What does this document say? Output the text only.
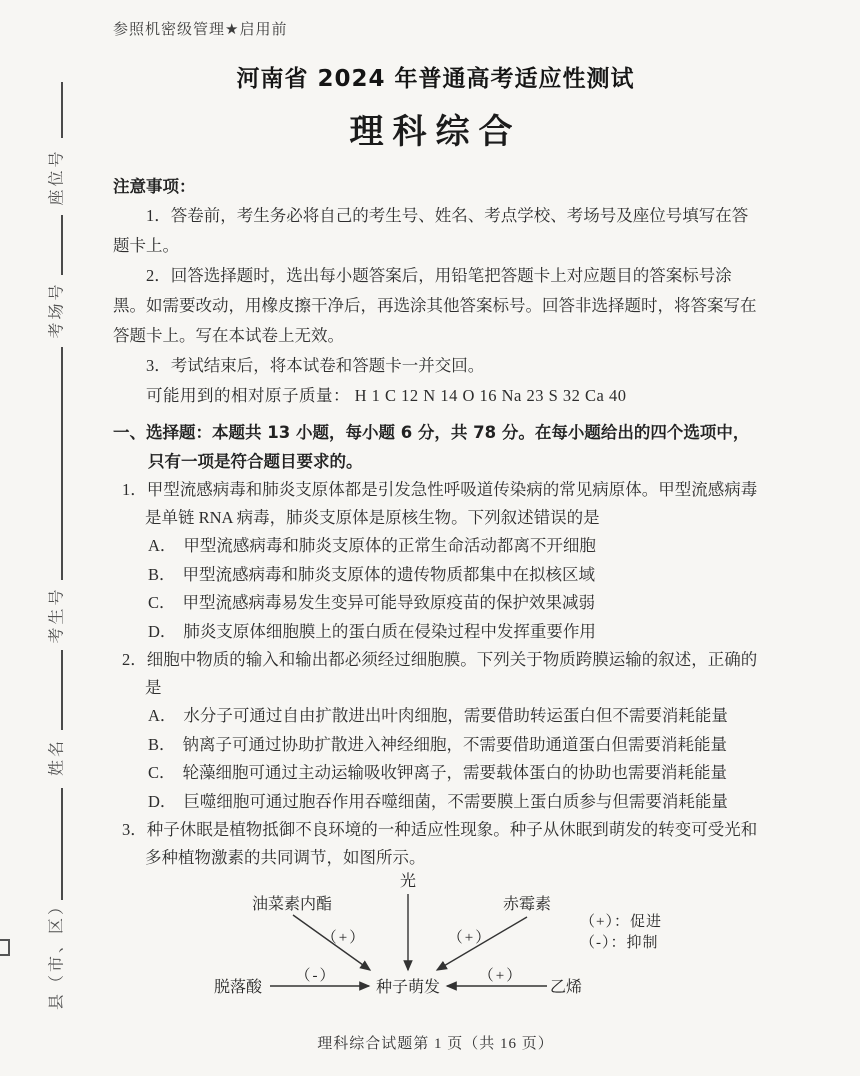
座位号
考场号
考生号
姓名
县（市、区）
参照机密级管理★启用前
河南省 2024 年普通高考适应性测试
理科综合
注意事项：

1．答卷前，考生务必将自己的考生号、姓名、考点学校、考场号及座位号填写在答题卡上。

2．回答选择题时，选出每小题答案后，用铅笔把答题卡上对应题目的答案标号涂黑。如需要改动，用橡皮擦干净后，再选涂其他答案标号。回答非选择题时，将答案写在答题卡上。写在本试卷上无效。

3．考试结束后，将本试卷和答题卡一并交回。

可能用到的相对原子质量： H 1 C 12 N 14 O 16 Na 23 S 32 Ca 40

一、选择题：本题共 13 小题，每小题 6 分，共 78 分。在每小题给出的四个选项中，只有一项是符合题目要求的。

1．甲型流感病毒和肺炎支原体都是引发急性呼吸道传染病的常见病原体。甲型流感病毒是单链 RNA 病毒，肺炎支原体是原核生物。下列叙述错误的是

A． 甲型流感病毒和肺炎支原体的正常生命活动都离不开细胞

B． 甲型流感病毒和肺炎支原体的遗传物质都集中在拟核区域

C． 甲型流感病毒易发生变异可能导致原疫苗的保护效果减弱

D． 肺炎支原体细胞膜上的蛋白质在侵染过程中发挥重要作用

2．细胞中物质的输入和输出都必须经过细胞膜。下列关于物质跨膜运输的叙述，正确的是

A． 水分子可通过自由扩散进出叶肉细胞，需要借助转运蛋白但不需要消耗能量

B． 钠离子可通过协助扩散进入神经细胞，不需要借助通道蛋白但需要消耗能量

C． 轮藻细胞可通过主动运输吸收钾离子，需要载体蛋白的协助也需要消耗能量

D． 巨噬细胞可通过胞吞作用吞噬细菌，不需要膜上蛋白质参与但需要消耗能量

3．种子休眠是植物抵御不良环境的一种适应性现象。种子从休眠到萌发的转变可受光和多种植物激素的共同调节，如图所示。

光
油菜素内酯	赤霉素
脱落酸	种子萌发	乙烯
（+）	（+）
（-）	（+）
（+）：促进
（-）：抑制
理科综合试题第 1 页（共 16 页）
